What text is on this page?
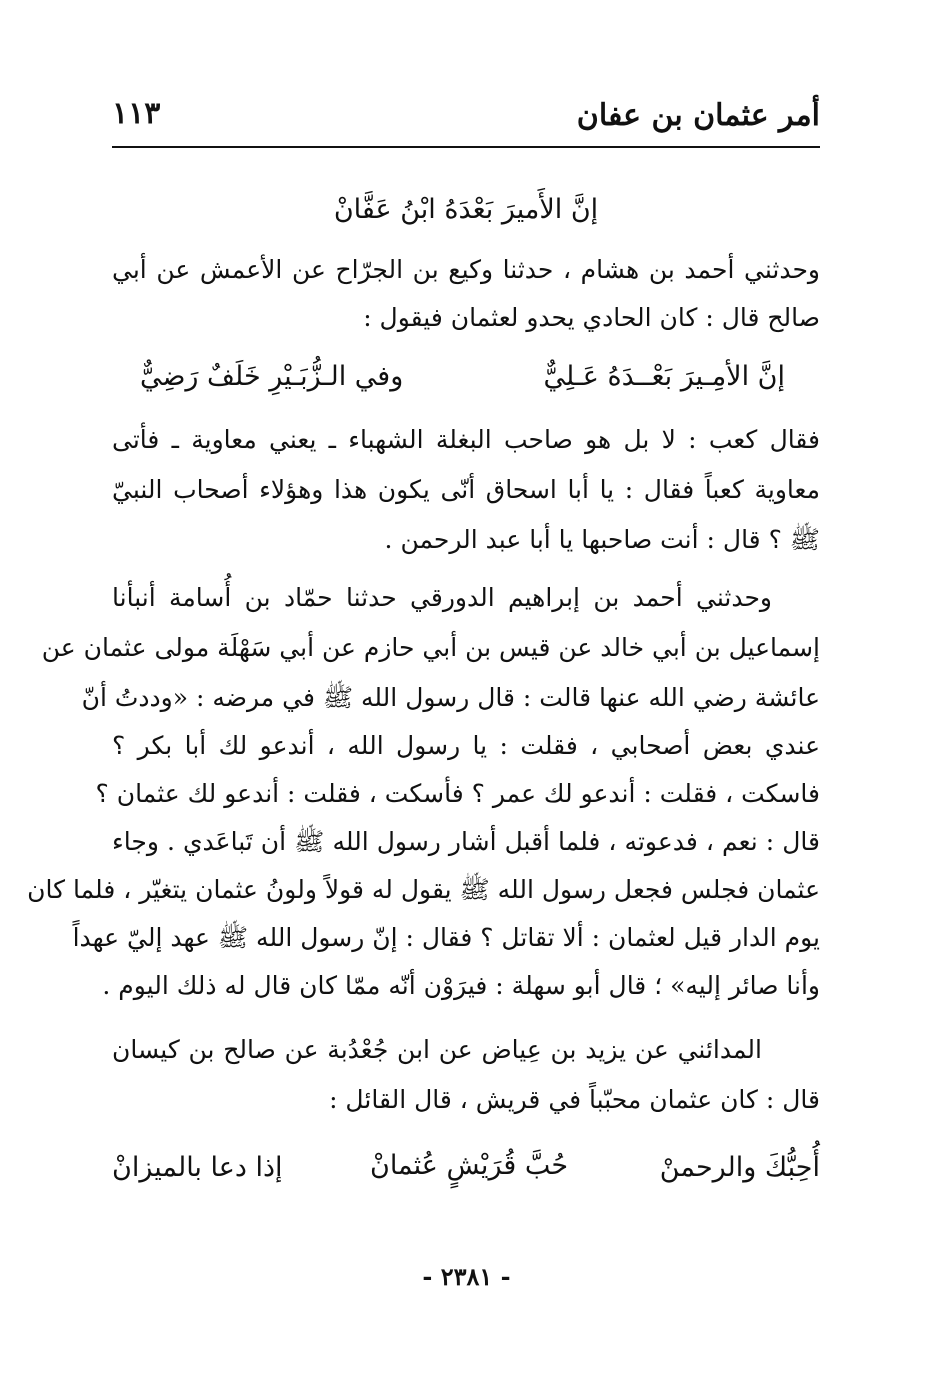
أمر عثمان بن عفان
١١٣
إنَّ الأَميرَ بَعْدَهُ ابْنُ عَفَّانْ
وحدثني أحمد بن هشام ، حدثنا وكيع بن الجرّاح عن الأعمش عن أبي
صالح قال : كان الحادي يحدو لعثمان فيقول :
إنَّ الأمِـيرَ بَعْــدَهُ عَـلِيٌّ
وفي الـزُّبَـيْرِ خَلَفٌ رَضِيٌّ
فقال كعب : لا بل هو صاحب البغلة الشهباء ـ يعني معاوية ـ فأتى
معاوية كعباً فقال : يا أبا اسحاق أنّى يكون هذا وهؤلاء أصحاب النبيّ
ﷺ ؟ قال : أنت صاحبها يا أبا عبد الرحمن .
وحدثني أحمد بن إبراهيم الدورقي حدثنا حمّاد بن أُسامة أنبأنا
إسماعيل بن أبي خالد عن قيس بن أبي حازم عن أبي سَهْلَة مولى عثمان عن
عائشة رضي الله عنها قالت : قال رسول الله ﷺ في مرضه : «وددتُ أنّ
عندي بعض أصحابي ، فقلت : يا رسول الله ، أندعو لك أبا بكر ؟
فاسكت ، فقلت : أندعو لك عمر ؟ فأسكت ، فقلت : أندعو لك عثمان ؟
قال : نعم ، فدعوته ، فلما أقبل أشار رسول الله ﷺ أن تَباعَدي . وجاء
عثمان فجلس فجعل رسول الله ﷺ يقول له قولاً ولونُ عثمان يتغيّر ، فلما كان
يوم الدار قيل لعثمان : ألا تقاتل ؟ فقال : إنّ رسول الله ﷺ عهد إليّ عهداً
وأنا صائر إليه» ؛ قال أبو سهلة : فيرَوْن أنّه ممّا كان قال له ذلك اليوم .
المدائني عن يزيد بن عِياض عن ابن جُعْدُبة عن صالح بن كيسان
قال : كان عثمان محبّباً في قريش ، قال القائل :
أُحِبُّكَ والرحمنْ
حُبَّ قُرَيْشٍ عُثمانْ
إذا دعا بالميزانْ
- ٢٣٨١ -
